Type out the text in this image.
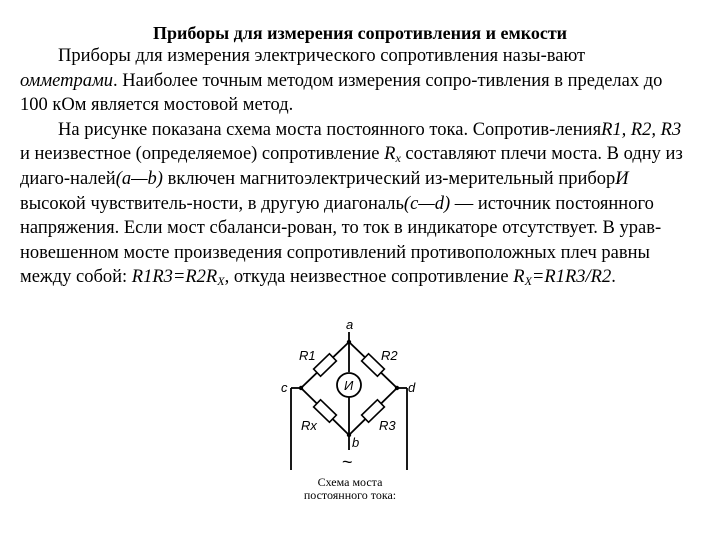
Приборы для измерения сопротивления и емкости

Приборы для измерения электрического сопротивления назы-вают омметрами. Наиболее точным методом измерения сопро-тивления в пределах до 100 кОм является мостовой метод.

На рисунке показана схема моста постоянного тока. Сопротив-ленияR1, R2, R3 и неизвестное (определяемое) сопротивление $R_x$ составляют плечи моста. В одну из диаго-налей(а—b) включен магнитоэлектрический из-мерительный приборИ высокой чувствитель-ности, в другую диагональ(c—d) — источник постоянного напряжения. Если мост сбаланси-рован, то ток в индикаторе отсутствует. В урав-новешенном мосте произведения сопротивлений противоположных плеч равны между собой: $R1R3=R2R_X$, откуда неизвестное сопротивление $R_X=R1R3/R2$.

a
b
c	d
R1	R2
Rx	R3
И
~
Схема моста
постоянного тока:
